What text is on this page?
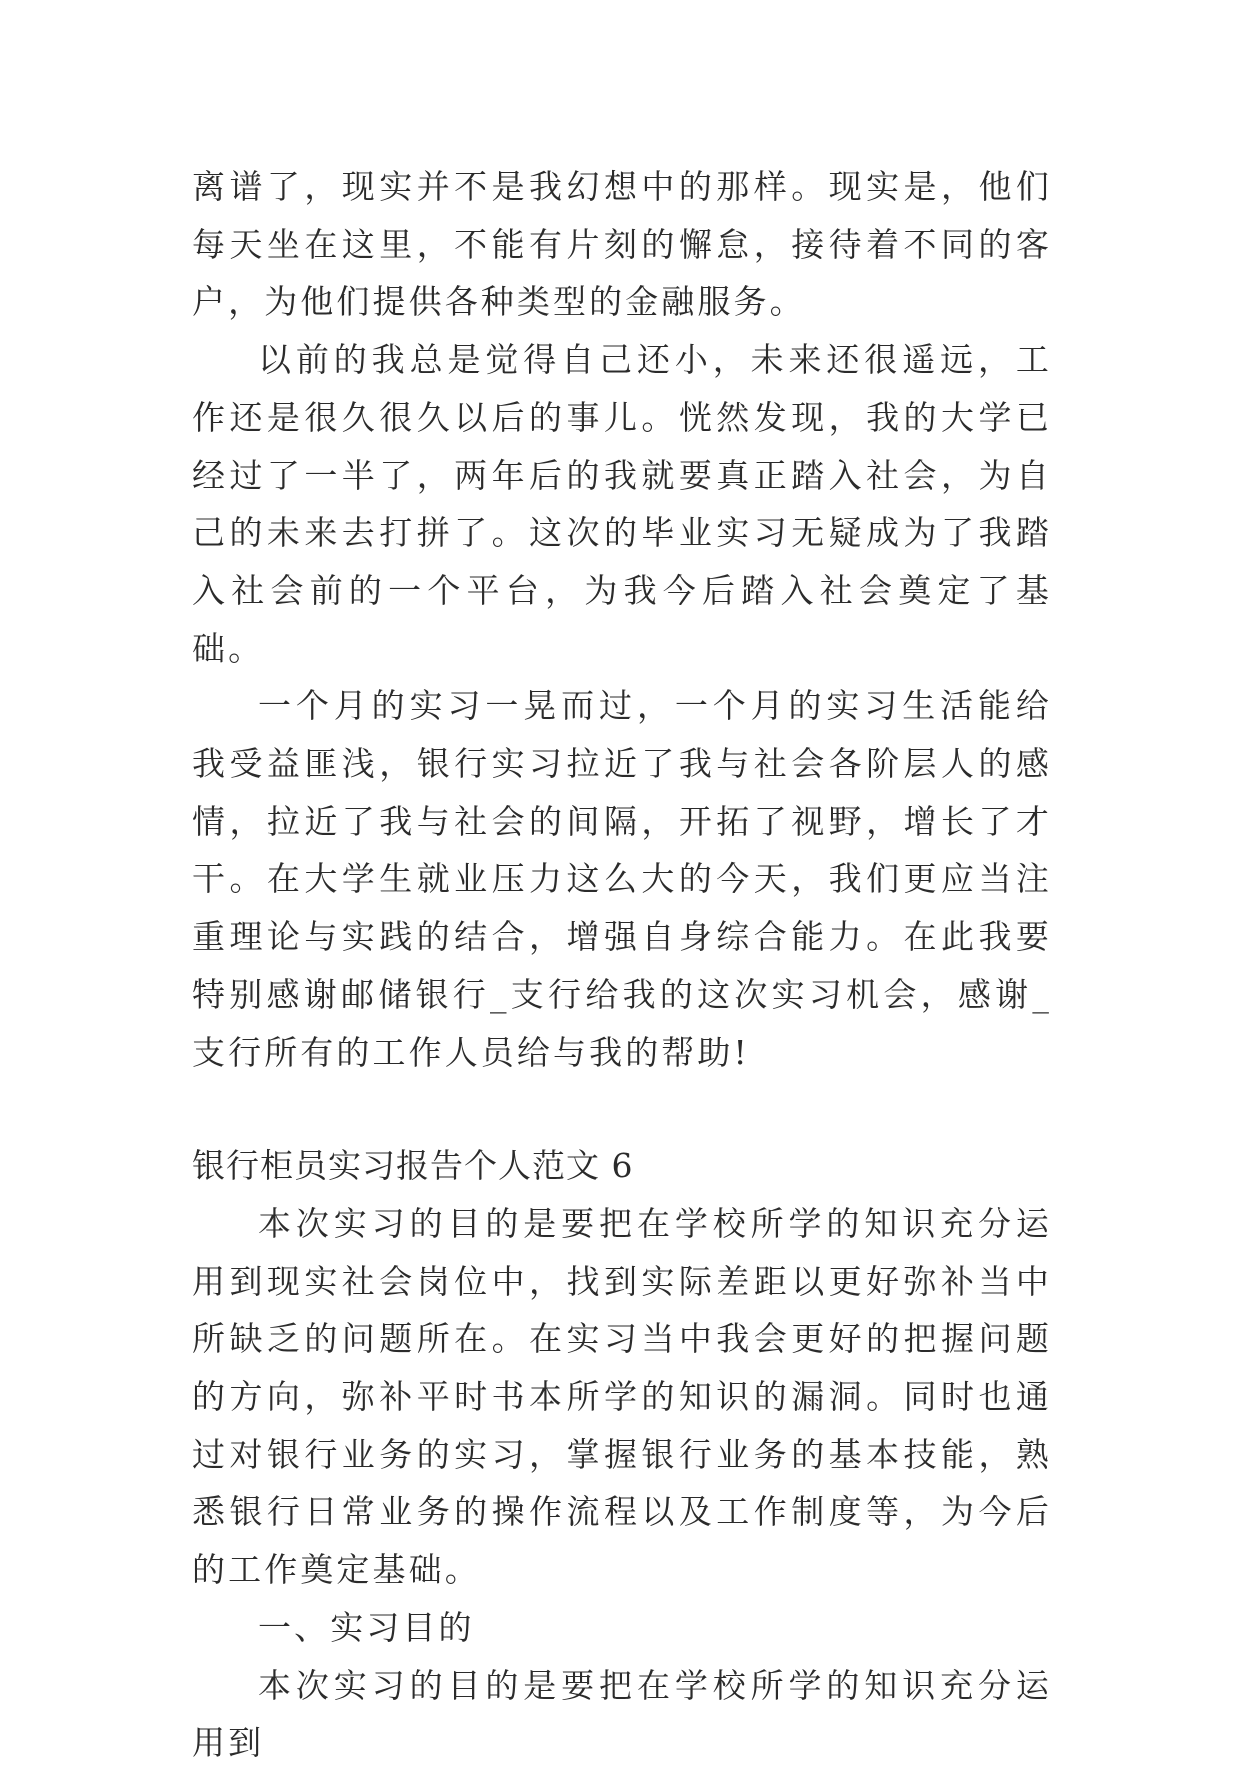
离谱了，现实并不是我幻想中的那样。现实是，他们每天坐在这里，不能有片刻的懈怠，接待着不同的客户，为他们提供各种类型的金融服务。

以前的我总是觉得自己还小，未来还很遥远，工作还是很久很久以后的事儿。恍然发现，我的大学已经过了一半了，两年后的我就要真正踏入社会，为自己的未来去打拼了。这次的毕业实习无疑成为了我踏入社会前的一个平台，为我今后踏入社会奠定了基础。

一个月的实习一晃而过，一个月的实习生活能给我受益匪浅，银行实习拉近了我与社会各阶层人的感情，拉近了我与社会的间隔，开拓了视野，增长了才干。在大学生就业压力这么大的今天，我们更应当注重理论与实践的结合，增强自身综合能力。在此我要特别感谢邮储银行_支行给我的这次实习机会，感谢_支行所有的工作人员给与我的帮助!

银行柜员实习报告个人范文 6

本次实习的目的是要把在学校所学的知识充分运用到现实社会岗位中，找到实际差距以更好弥补当中所缺乏的问题所在。在实习当中我会更好的把握问题的方向，弥补平时书本所学的知识的漏洞。同时也通过对银行业务的实习，掌握银行业务的基本技能，熟悉银行日常业务的操作流程以及工作制度等，为今后的工作奠定基础。

一、实习目的

本次实习的目的是要把在学校所学的知识充分运用到
